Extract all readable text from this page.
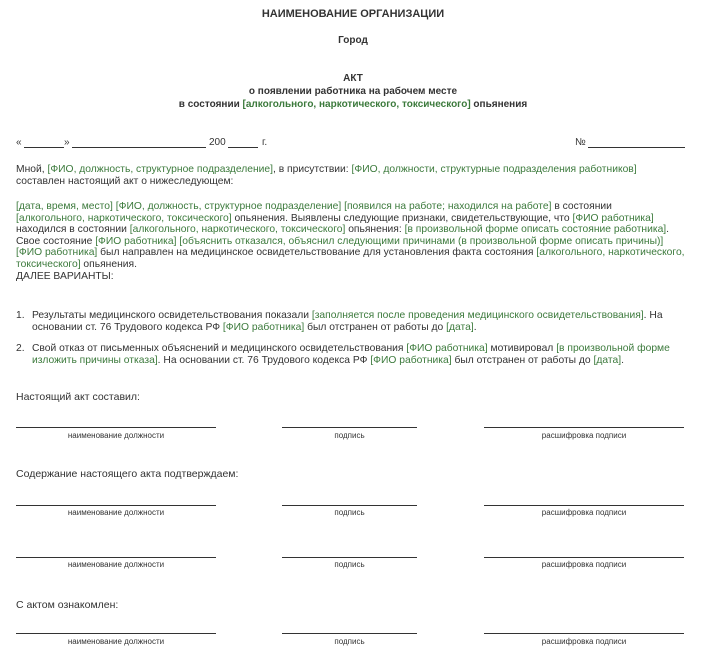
НАИМЕНОВАНИЕ ОРГАНИЗАЦИИ
Город
АКТ
о появлении работника на рабочем месте
в состоянии [алкогольного, наркотического, токсического] опьянения
«	»	200	г.	№
Мной, [ФИО, должность, структурное подразделение], в присутствии: [ФИО, должности, структурные подразделения работников]
составлен настоящий акт о нижеследующем:
[дата, время, место] [ФИО, должность, структурное подразделение] [появился на работе; находился на работе] в состоянии
[алкогольного, наркотического, токсического] опьянения. Выявлены следующие признаки, свидетельствующие, что [ФИО работника]
находился в состоянии [алкогольного, наркотического, токсического] опьянения: [в произвольной форме описать состояние работника]. Свое состояние [ФИО работника] [объяснить отказался, объяснил следующими причинами (в произвольной форме описать причины)]
[ФИО работника] был направлен на медицинское освидетельствование для установления факта состояния [алкогольного, наркотического, токсического] опьянения.
ДАЛЕЕ ВАРИАНТЫ:
1. Результаты медицинского освидетельствования показали [заполняется после проведения медицинского освидетельствования]. На основании ст. 76 Трудового кодекса РФ [ФИО работника] был отстранен от работы до [дата].
2. Свой отказ от письменных объяснений и медицинского освидетельствования [ФИО работника] мотивировал [в произвольной форме изложить причины отказа]. На основании ст. 76 Трудового кодекса РФ [ФИО работника] был отстранен от работы до [дата].
Настоящий акт составил:
наименование должности	подпись	расшифровка подписи
Содержание настоящего акта подтверждаем:
наименование должности	подпись	расшифровка подписи
наименование должности	подпись	расшифровка подписи
С актом ознакомлен:
наименование должности	подпись	расшифровка подписи
